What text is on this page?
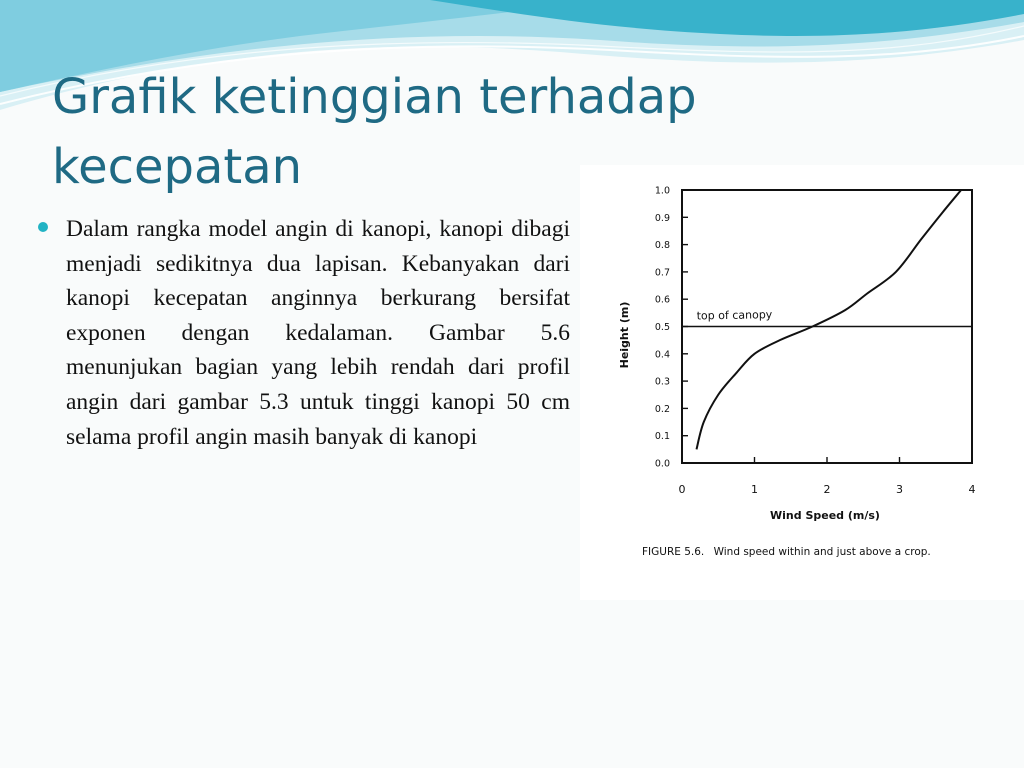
Grafik ketinggian terhadap kecepatan
Dalam rangka model angin di kanopi, kanopi dibagi menjadi sedikitnya dua lapisan. Kebanyakan dari kanopi kecepatan anginnya berkurang bersifat exponen dengan kedalaman. Gambar 5.6 menunjukan bagian yang lebih rendah dari profil angin dari gambar 5.3 untuk tinggi kanopi 50 cm selama profil angin masih banyak di kanopi
top of canopy
0.0
0.1
0.2
0.3
0.4
0.5
0.6
0.7
0.8
0.9
1.0
0	1	2	3	4
Wind Speed (m/s)
Height (m)
FIGURE 5.6. Wind speed within and just above a crop.
